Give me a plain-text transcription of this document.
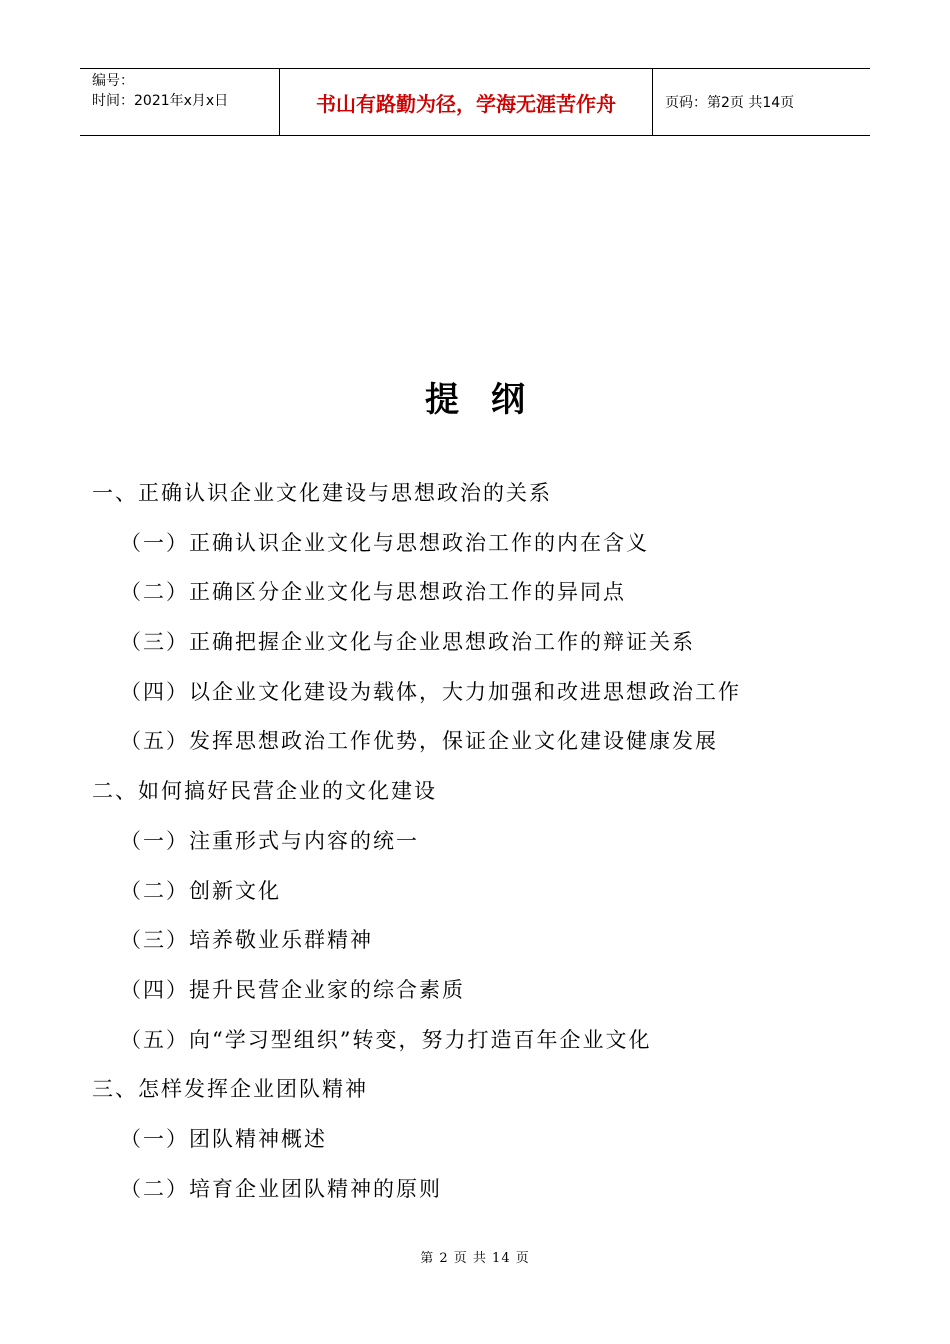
编号：
时间：2021年x月x日	书山有路勤为径，学海无涯苦作舟	页码：第2页 共14页
提纲
一、正确认识企业文化建设与思想政治的关系
（一）正确认识企业文化与思想政治工作的内在含义
（二）正确区分企业文化与思想政治工作的异同点
（三）正确把握企业文化与企业思想政治工作的辩证关系
（四）以企业文化建设为载体，大力加强和改进思想政治工作
（五）发挥思想政治工作优势，保证企业文化建设健康发展
二、如何搞好民营企业的文化建设
（一）注重形式与内容的统一
（二）创新文化
（三）培养敬业乐群精神
（四）提升民营企业家的综合素质
（五）向“学习型组织”转变，努力打造百年企业文化
三、怎样发挥企业团队精神
（一）团队精神概述
（二）培育企业团队精神的原则
第 2 页 共 14 页
